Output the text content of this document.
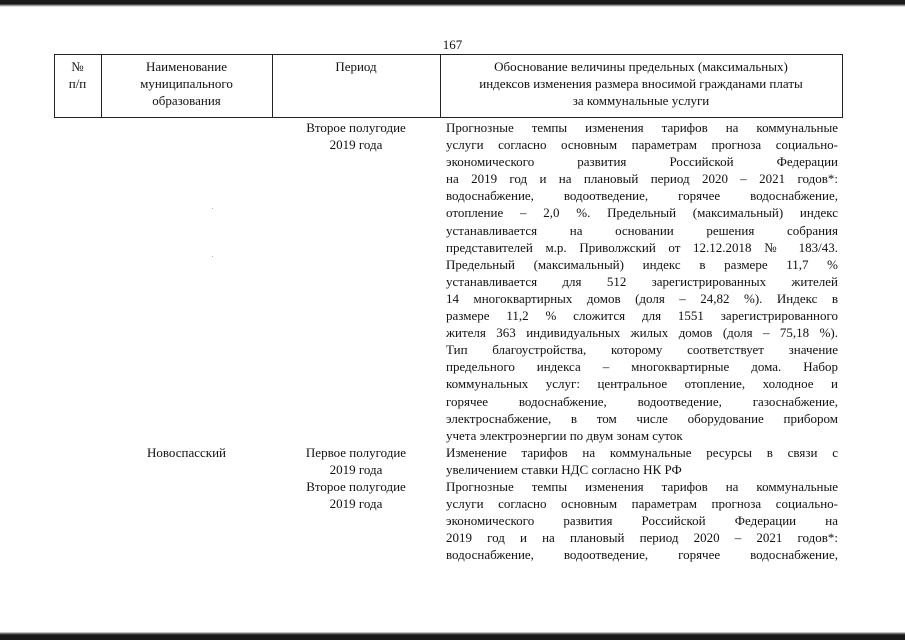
167
№
п/п
Наименование
муниципального
образования
Период	Обоснование величины предельных (максимальных)
индексов изменения размера вносимой гражданами платы
за коммунальные услуги
Второе полугодие
2019 года
Прогнозные темпы изменения тарифов на коммунальные
услуги согласно основным параметрам прогноза социально-
экономического развития Российской Федерации
на 2019 год и на плановый период 2020 – 2021 годов*:
водоснабжение, водоотведение, горячее водоснабжение,
отопление – 2,0 %. Предельный (максимальный) индекс
устанавливается на основании решения собрания
представителей м.р. Приволжский от 12.12.2018 № 183/43.
Предельный (максимальный) индекс в размере 11,7 %
устанавливается для 512 зарегистрированных жителей
14 многоквартирных домов (доля – 24,82 %). Индекс в
размере 11,2 % сложится для 1551 зарегистрированного
жителя 363 индивидуальных жилых домов (доля – 75,18 %).
Тип благоустройства, которому соответствует значение
предельного индекса – многоквартирные дома. Набор
коммунальных услуг: центральное отопление, холодное и
горячее водоснабжение, водоотведение, газоснабжение,
электроснабжение, в том числе оборудование прибором
учета электроэнергии по двум зонам суток
Новоспасский	Первое полугодие
2019 года
Изменение тарифов на коммунальные ресурсы в связи с
увеличением ставки НДС согласно НК РФ
Второе полугодие
2019 года
Прогнозные темпы изменения тарифов на коммунальные
услуги согласно основным параметрам прогноза социально-
экономического развития Российской Федерации на
2019 год и на плановый период 2020 – 2021 годов*:
водоснабжение, водоотведение, горячее водоснабжение,
